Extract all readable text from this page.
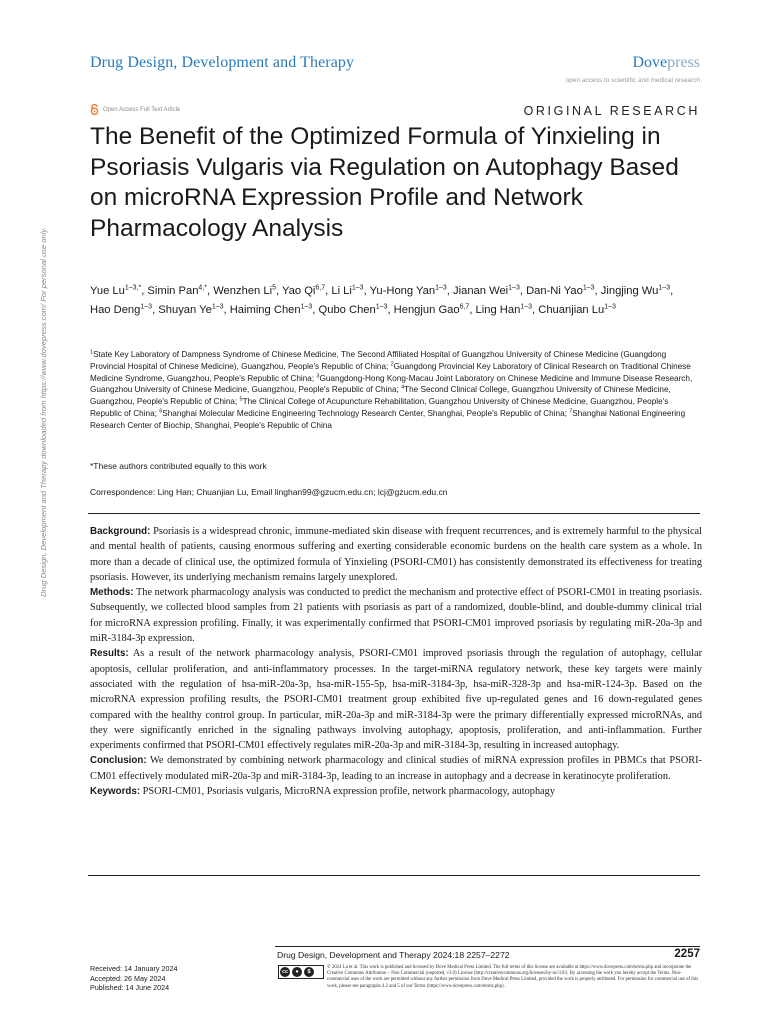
Drug Design, Development and Therapy	Dovepress
open access to scientific and medical research
Open Access Full Text Article	ORIGINAL RESEARCH
The Benefit of the Optimized Formula of Yinxieling in Psoriasis Vulgaris via Regulation on Autophagy Based on microRNA Expression Profile and Network Pharmacology Analysis
Yue $Lu^{1-3,*}$, Simin Pan$^{4,*}$, Wenzhen Li$^5$, Yao Qi$^{6,7}$, Li Li$^{1-3}$, Yu-Hong Yan$^{1-3}$, Jianan Wei$^{1-3}$, Dan-Ni Yao$^{1-3}$, Jingjing Wu$^{1-3}$, Hao Deng$^{1-3}$, Shuyan Ye$^{1-3}$, Haiming Chen$^{1-3}$, Qubo Chen$^{1-3}$, Hengjun Gao$^{6,7}$, Ling Han$^{1-3}$, Chuanjian Lu$^{1-3}$
$^1$State Key Laboratory of Dampness Syndrome of Chinese Medicine, The Second Affiliated Hospital of Guangzhou University of Chinese Medicine (Guangdong Provincial Hospital of Chinese Medicine), Guangzhou, People's Republic of China; $^2$Guangdong Provincial Key Laboratory of Clinical Research on Traditional Chinese Medicine Syndrome, Guangzhou, People's Republic of China; $^3$Guangdong-Hong Kong-Macau Joint Laboratory on Chinese Medicine and Immune Disease Research, Guangzhou University of Chinese Medicine, Guangzhou, People's Republic of China; $^4$The Second Clinical College, Guangzhou University of Chinese Medicine, Guangzhou, People's Republic of China; $^5$The Clinical College of Acupuncture Rehabilitation, Guangzhou University of Chinese Medicine, Guangzhou, People's Republic of China; $^6$Shanghai Molecular Medicine Engineering Technology Research Center, Shanghai, People's Republic of China; $^7$Shanghai National Engineering Research Center of Biochip, Shanghai, People's Republic of China
*These authors contributed equally to this work
Correspondence: Ling Han; Chuanjian Lu, Email linghan99@gzucm.edu.cn; lcj@gzucm.edu.cn

Background: Psoriasis is a widespread chronic, immune-mediated skin disease with frequent recurrences, and is extremely harmful to the physical and mental health of patients, causing enormous suffering and exerting considerable economic burdens on the health care system as a whole. In more than a decade of clinical use, the optimized formula of Yinxieling (PSORI-CM01) has consistently demonstrated its effectiveness for treating psoriasis. However, its underlying mechanism remains largely unexplored.

Methods: The network pharmacology analysis was conducted to predict the mechanism and protective effect of PSORI-CM01 in treating psoriasis. Subsequently, we collected blood samples from 21 patients with psoriasis as part of a randomized, double-blind, and double-dummy clinical trial for microRNA expression profiling. Finally, it was experimentally confirmed that PSORI-CM01 improved psoriasis by regulating miR-20a-3p and miR-3184-3p expression.

Results: As a result of the network pharmacology analysis, PSORI-CM01 improved psoriasis through the regulation of autophagy, cellular apoptosis, cellular proliferation, and anti-inflammatory processes. In the target-miRNA regulatory network, these key targets were mainly associated with the regulation of hsa-miR-20a-3p, hsa-miR-155-5p, hsa-miR-3184-3p, hsa-miR-328-3p and hsa-miR-124-3p. Based on the microRNA expression profiling results, the PSORI-CM01 treatment group exhibited five up-regulated genes and 16 down-regulated genes compared with the healthy control group. In particular, miR-20a-3p and miR-3184-3p were the primary differentially expressed microRNAs, and they were significantly enriched in the signaling pathways involving autophagy, apoptosis, proliferation, and anti-inflammation. Further experiments confirmed that PSORI-CM01 effectively regulates miR-20a-3p and miR-3184-3p, resulting in increased autophagy.

Conclusion: We demonstrated by combining network pharmacology and clinical studies of miRNA expression profiles in PBMCs that PSORI-CM01 effectively modulated miR-20a-3p and miR-3184-3p, leading to an increase in autophagy and a decrease in keratinocyte proliferation.

Keywords: PSORI-CM01, Psoriasis vulgaris, MicroRNA expression profile, network pharmacology, autophagy

Drug Design, Development and Therapy downloaded from https://www.dovepress.com/ For personal use only.
Received: 14 January 2024
Accepted: 26 May 2024
Published: 14 June 2024
Drug Design, Development and Therapy 2024:18 2257–2272	2257
cc	●	$
© 2024 Lu et al. This work is published and licensed by Dove Medical Press Limited. The full terms of this license are available at https://www.dovepress.com/terms.php and incorporate the Creative Commons Attribution – Non Commercial (unported, v3.0) License (http://creativecommons.org/licenses/by-nc/3.0/). By accessing the work you hereby accept the Terms. Non-commercial uses of the work are permitted without any further permission from Dove Medical Press Limited, provided the work is properly attributed. For permission for commercial use of this work, please see paragraphs 4.2 and 5 of our Terms (https://www.dovepress.com/terms.php).
